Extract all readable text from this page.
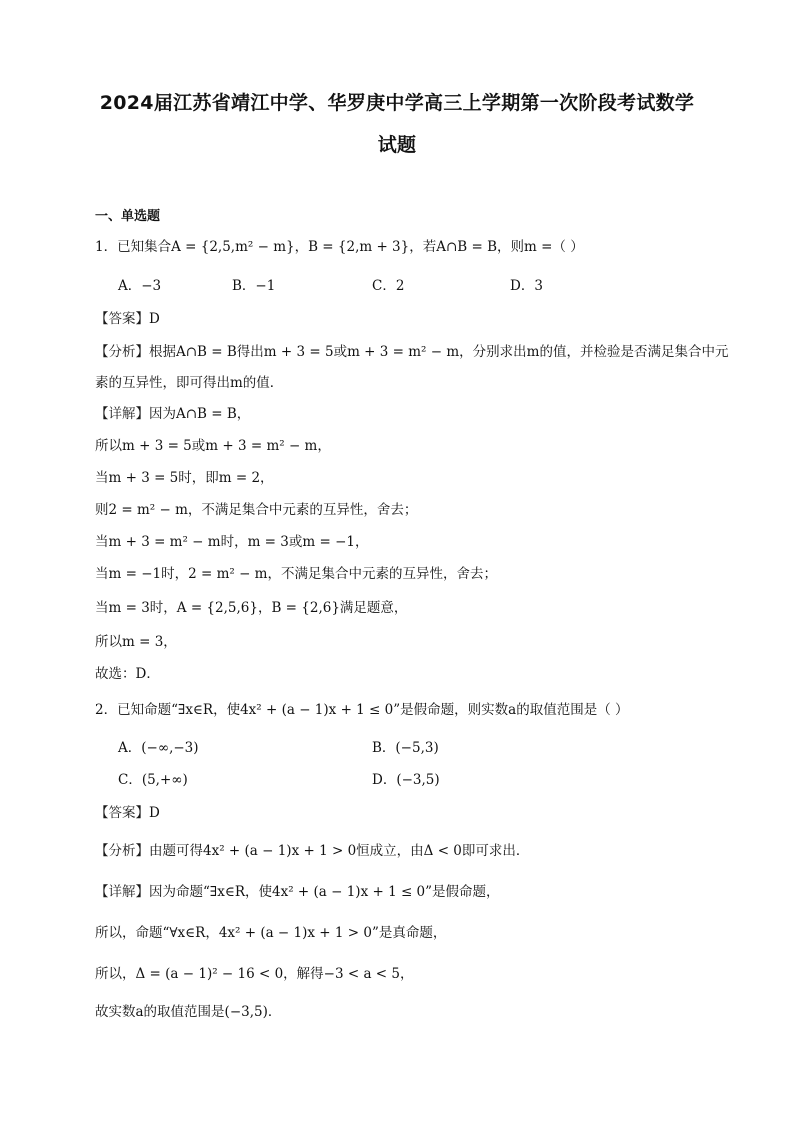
2024届江苏省靖江中学、华罗庚中学高三上学期第一次阶段考试数学
试题
一、单选题
1．已知集合A = {2,5,m² − m}，B = {2,m + 3}，若A∩B = B，则m =（ ）
A．−3	B．−1	C．2	D．3
【答案】D
【分析】根据A∩B = B得出m + 3 = 5或m + 3 = m² − m，分别求出m的值，并检验是否满足集合中元
素的互异性，即可得出m的值．
【详解】因为A∩B = B，
所以m + 3 = 5或m + 3 = m² − m，
当m + 3 = 5时，即m = 2，
则2 = m² − m，不满足集合中元素的互异性，舍去；
当m + 3 = m² − m时，m = 3或m = −1，
当m = −1时，2 = m² − m，不满足集合中元素的互异性，舍去；
当m = 3时，A = {2,5,6}，B = {2,6}满足题意，
所以m = 3，
故选：D．
2．已知命题“∃x∈R，使4x² + (a − 1)x + 1 ≤ 0”是假命题，则实数a的取值范围是（ ）
A．(−∞,−3)	B．(−5,3)
C．(5,+∞)	D．(−3,5)
【答案】D
【分析】由题可得4x² + (a − 1)x + 1 > 0恒成立，由Δ < 0即可求出．
【详解】因为命题“∃x∈R，使4x² + (a − 1)x + 1 ≤ 0”是假命题，
所以，命题“∀x∈R，4x² + (a − 1)x + 1 > 0”是真命题，
所以，Δ = (a − 1)² − 16 < 0，解得−3 < a < 5，
故实数a的取值范围是(−3,5)．
